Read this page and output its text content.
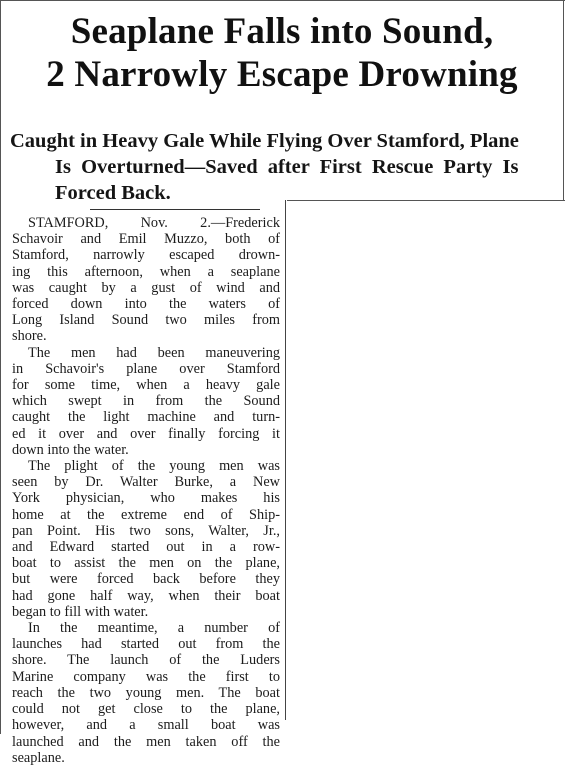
Seaplane Falls into Sound,
2 Narrowly Escape Drowning
Caught in Heavy Gale While Flying Over Stamford, Plane
Is Overturned—Saved after First Rescue Party Is
Forced Back.
STAMFORD, Nov. 2.—Frederick
Schavoir and Emil Muzzo, both of
Stamford, narrowly escaped drown-
ing this afternoon, when a seaplane
was caught by a gust of wind and
forced down into the waters of
Long Island Sound two miles from
shore.
The men had been maneuvering
in Schavoir's plane over Stamford
for some time, when a heavy gale
which swept in from the Sound
caught the light machine and turn-
ed it over and over finally forcing it
down into the water.
The plight of the young men was
seen by Dr. Walter Burke, a New
York physician, who makes his
home at the extreme end of Ship-
pan Point. His two sons, Walter, Jr.,
and Edward started out in a row-
boat to assist the men on the plane,
but were forced back before they
had gone half way, when their boat
began to fill with water.
In the meantime, a number of
launches had started out from the
shore. The launch of the Luders
Marine company was the first to
reach the two young men. The boat
could not get close to the plane,
however, and a small boat was
launched and the men taken off the
seaplane.
